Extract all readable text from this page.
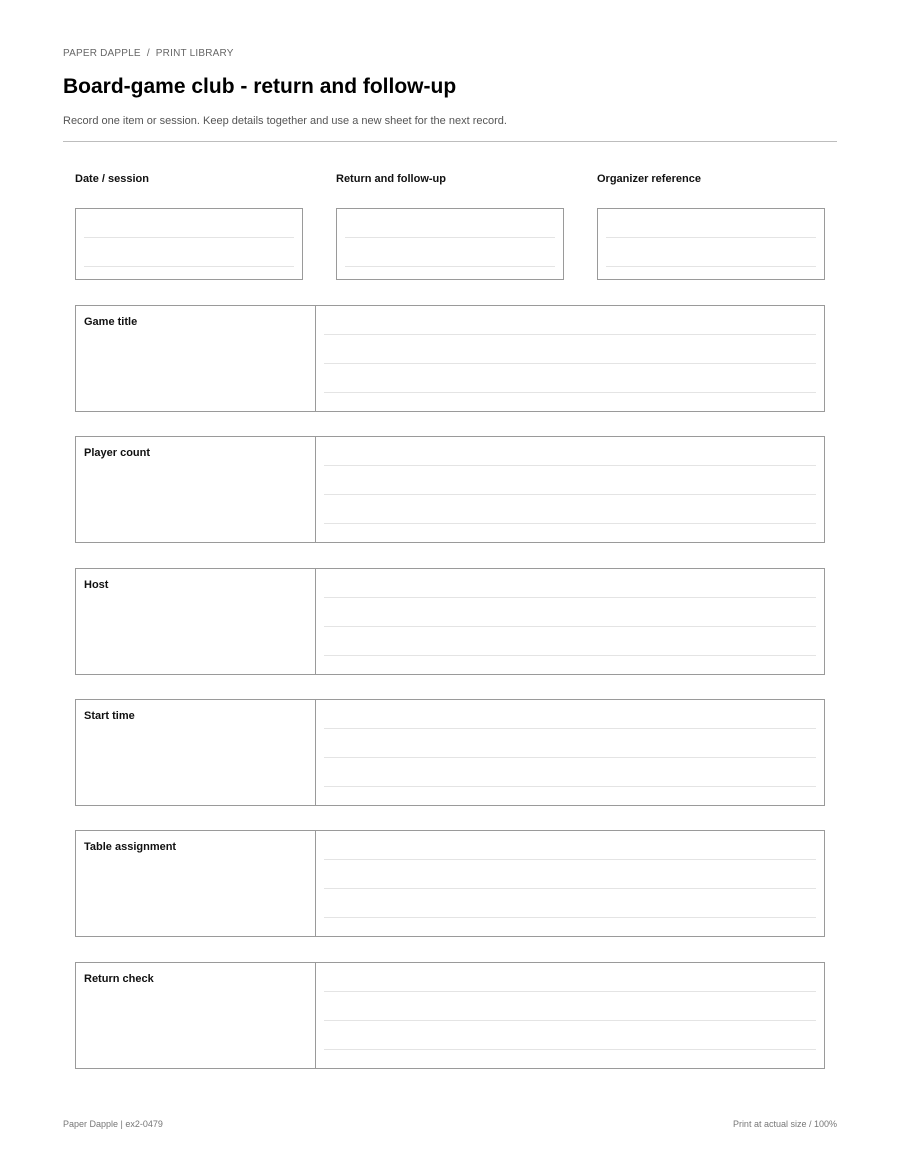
PAPER DAPPLE / PRINT LIBRARY
Board-game club - return and follow-up

Record one item or session. Keep details together and use a new sheet for the next record.

Date / session	Return and follow-up	Organizer reference
Game title
Player count
Host
Start time
Table assignment
Return check
Paper Dapple | ex2-0479	Print at actual size / 100%
